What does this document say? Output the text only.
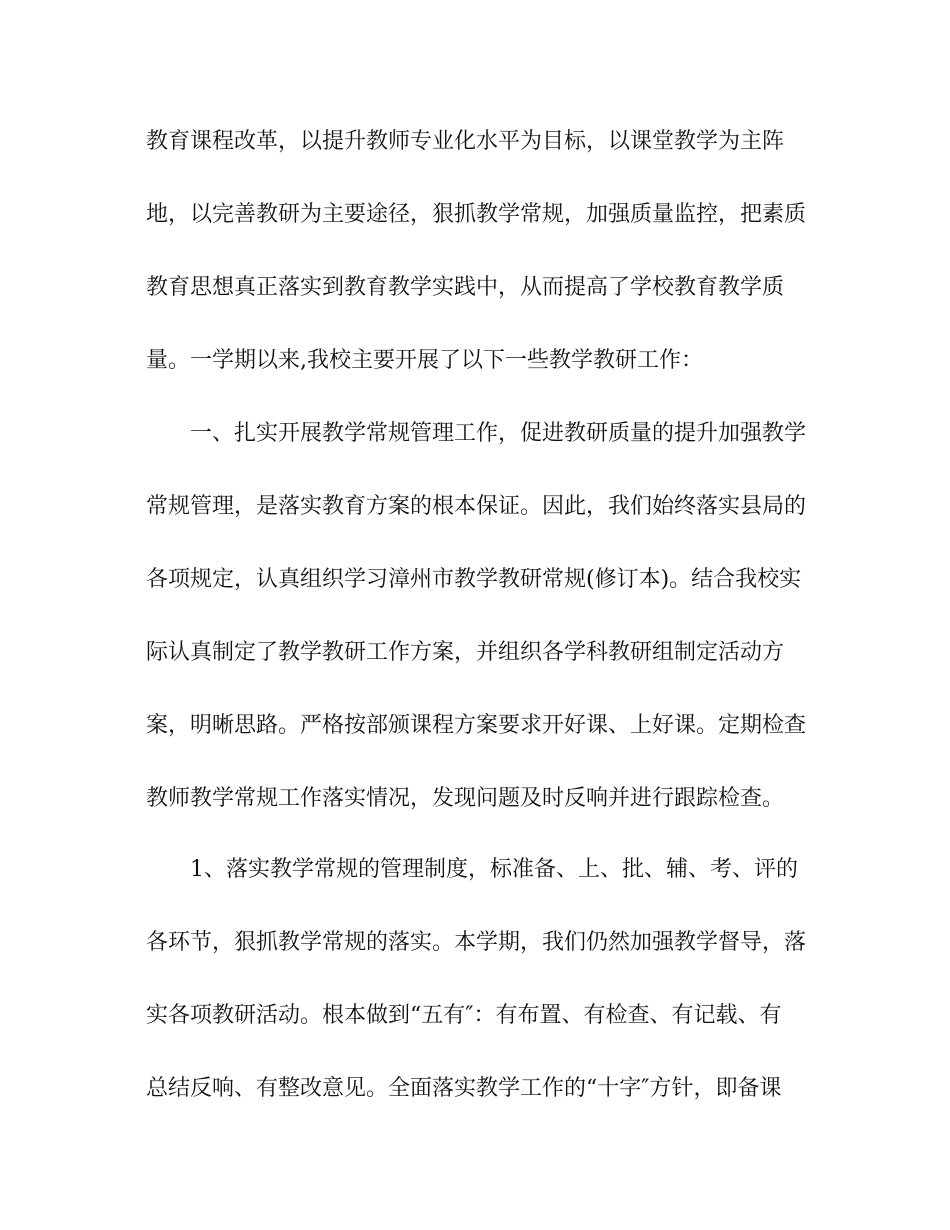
教育课程改革，以提升教师专业化水平为目标，以课堂教学为主阵
地，以完善教研为主要途径，狠抓教学常规，加强质量监控，把素质
教育思想真正落实到教育教学实践中，从而提高了学校教育教学质
量。一学期以来,我校主要开展了以下一些教学教研工作：
一、扎实开展教学常规管理工作，促进教研质量的提升加强教学
常规管理，是落实教育方案的根本保证。因此，我们始终落实县局的
各项规定，认真组织学习漳州市教学教研常规(修订本)。结合我校实
际认真制定了教学教研工作方案，并组织各学科教研组制定活动方
案，明晰思路。严格按部颁课程方案要求开好课、上好课。定期检查
教师教学常规工作落实情况，发现问题及时反响并进行跟踪检查。
1、落实教学常规的管理制度，标准备、上、批、辅、考、评的
各环节，狠抓教学常规的落实。本学期，我们仍然加强教学督导，落
实各项教研活动。根本做到“五有″：有布置、有检查、有记载、有
总结反响、有整改意见。全面落实教学工作的“十字″方针，即备课
